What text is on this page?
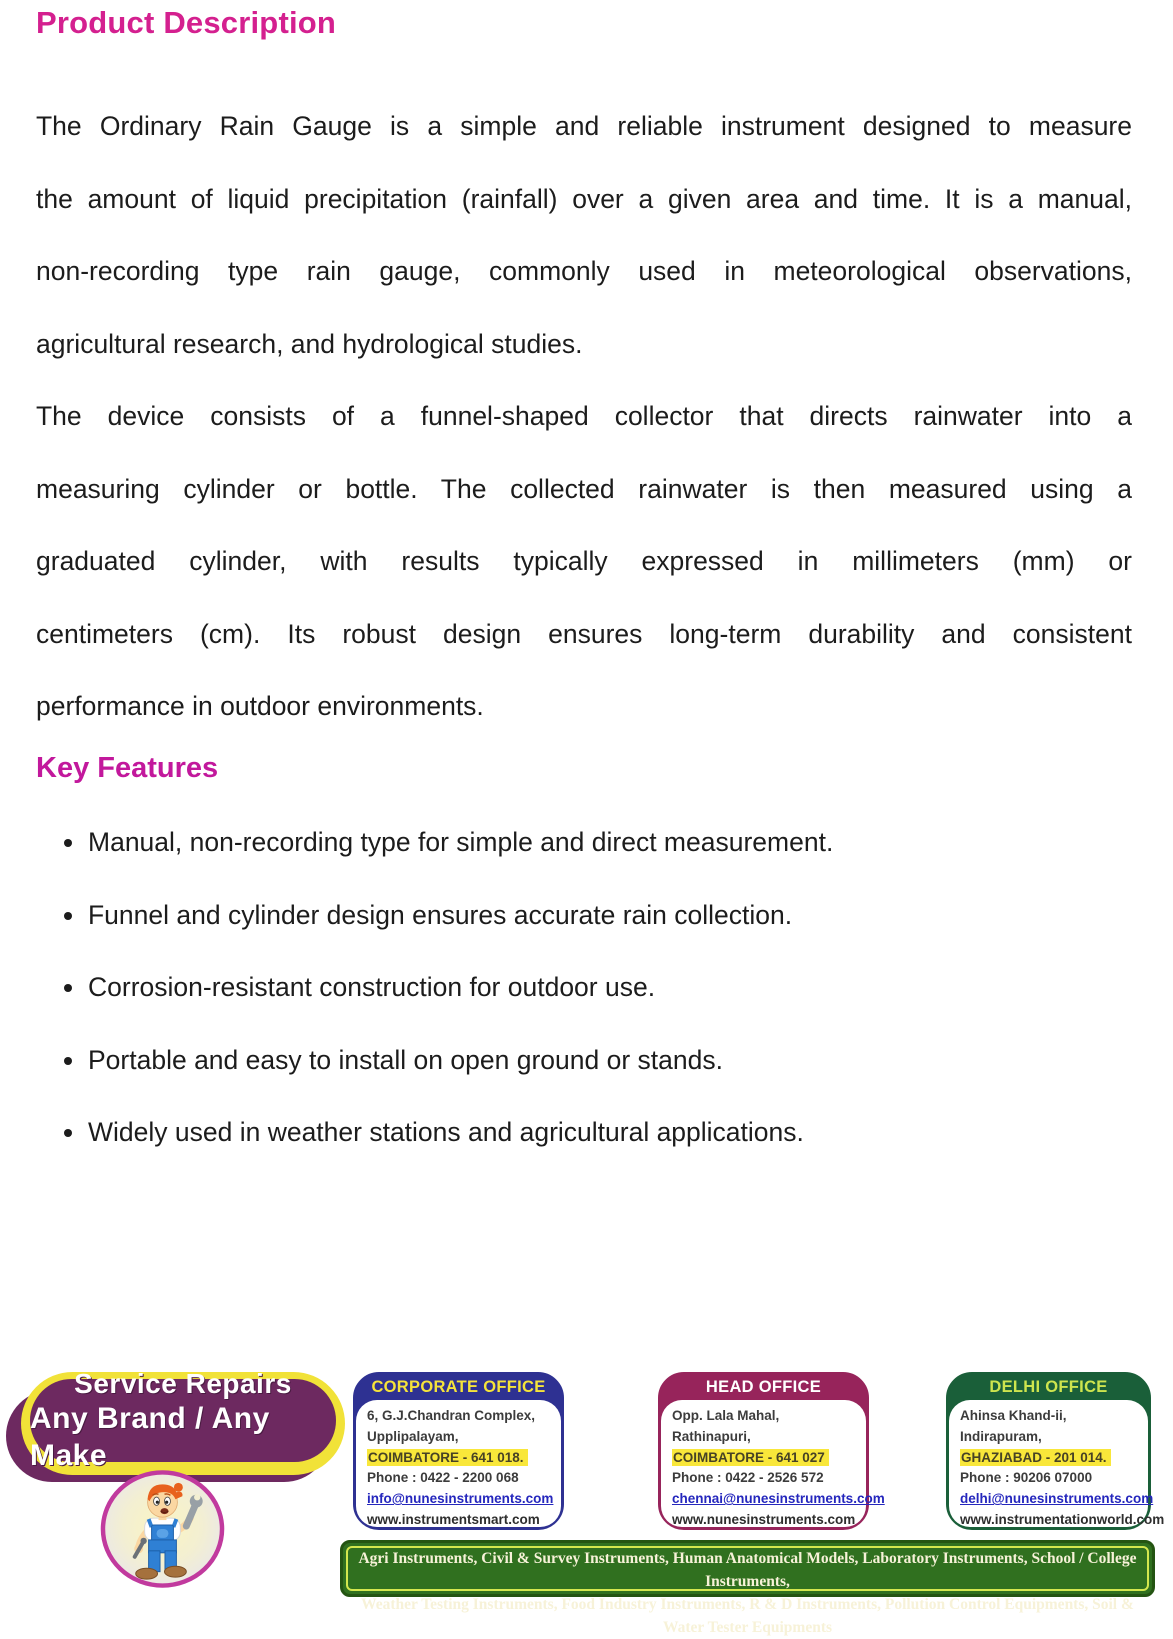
Product Description
The Ordinary Rain Gauge is a simple and reliable instrument designed to measure
the amount of liquid precipitation (rainfall) over a given area and time. It is a manual,
non-recording type rain gauge, commonly used in meteorological observations,
agricultural research, and hydrological studies.
The device consists of a funnel-shaped collector that directs rainwater into a
measuring cylinder or bottle. The collected rainwater is then measured using a
graduated cylinder, with results typically expressed in millimeters (mm) or
centimeters (cm). Its robust design ensures long-term durability and consistent
performance in outdoor environments.
Key Features
Manual, non-recording type for simple and direct measurement.
Funnel and cylinder design ensures accurate rain collection.
Corrosion-resistant construction for outdoor use.
Portable and easy to install on open ground or stands.
Widely used in weather stations and agricultural applications.
Service Repairs
Any Brand / Any Make
CORPORATE OFFICE
6, G.J.Chandran Complex,
Upplipalayam,
COIMBATORE - 641 018.
Phone : 0422 - 2200 068
info@nunesinstruments.com
www.instrumentsmart.com
HEAD OFFICE
Opp. Lala Mahal,
Rathinapuri,
COIMBATORE - 641 027
Phone : 0422 - 2526 572
chennai@nunesinstruments.com
www.nunesinstruments.com
DELHI OFFICE
Ahinsa Khand-ii,
Indirapuram,
GHAZIABAD - 201 014.
Phone : 90206 07000
delhi@nunesinstruments.com
www.instrumentationworld.com
Agri Instruments, Civil & Survey Instruments, Human Anatomical Models, Laboratory Instruments, School / College Instruments,
Weather Testing Instruments, Food Industry Instruments, R & D Instruments, Pollution Control Equipments, Soil & Water Tester Equipments
